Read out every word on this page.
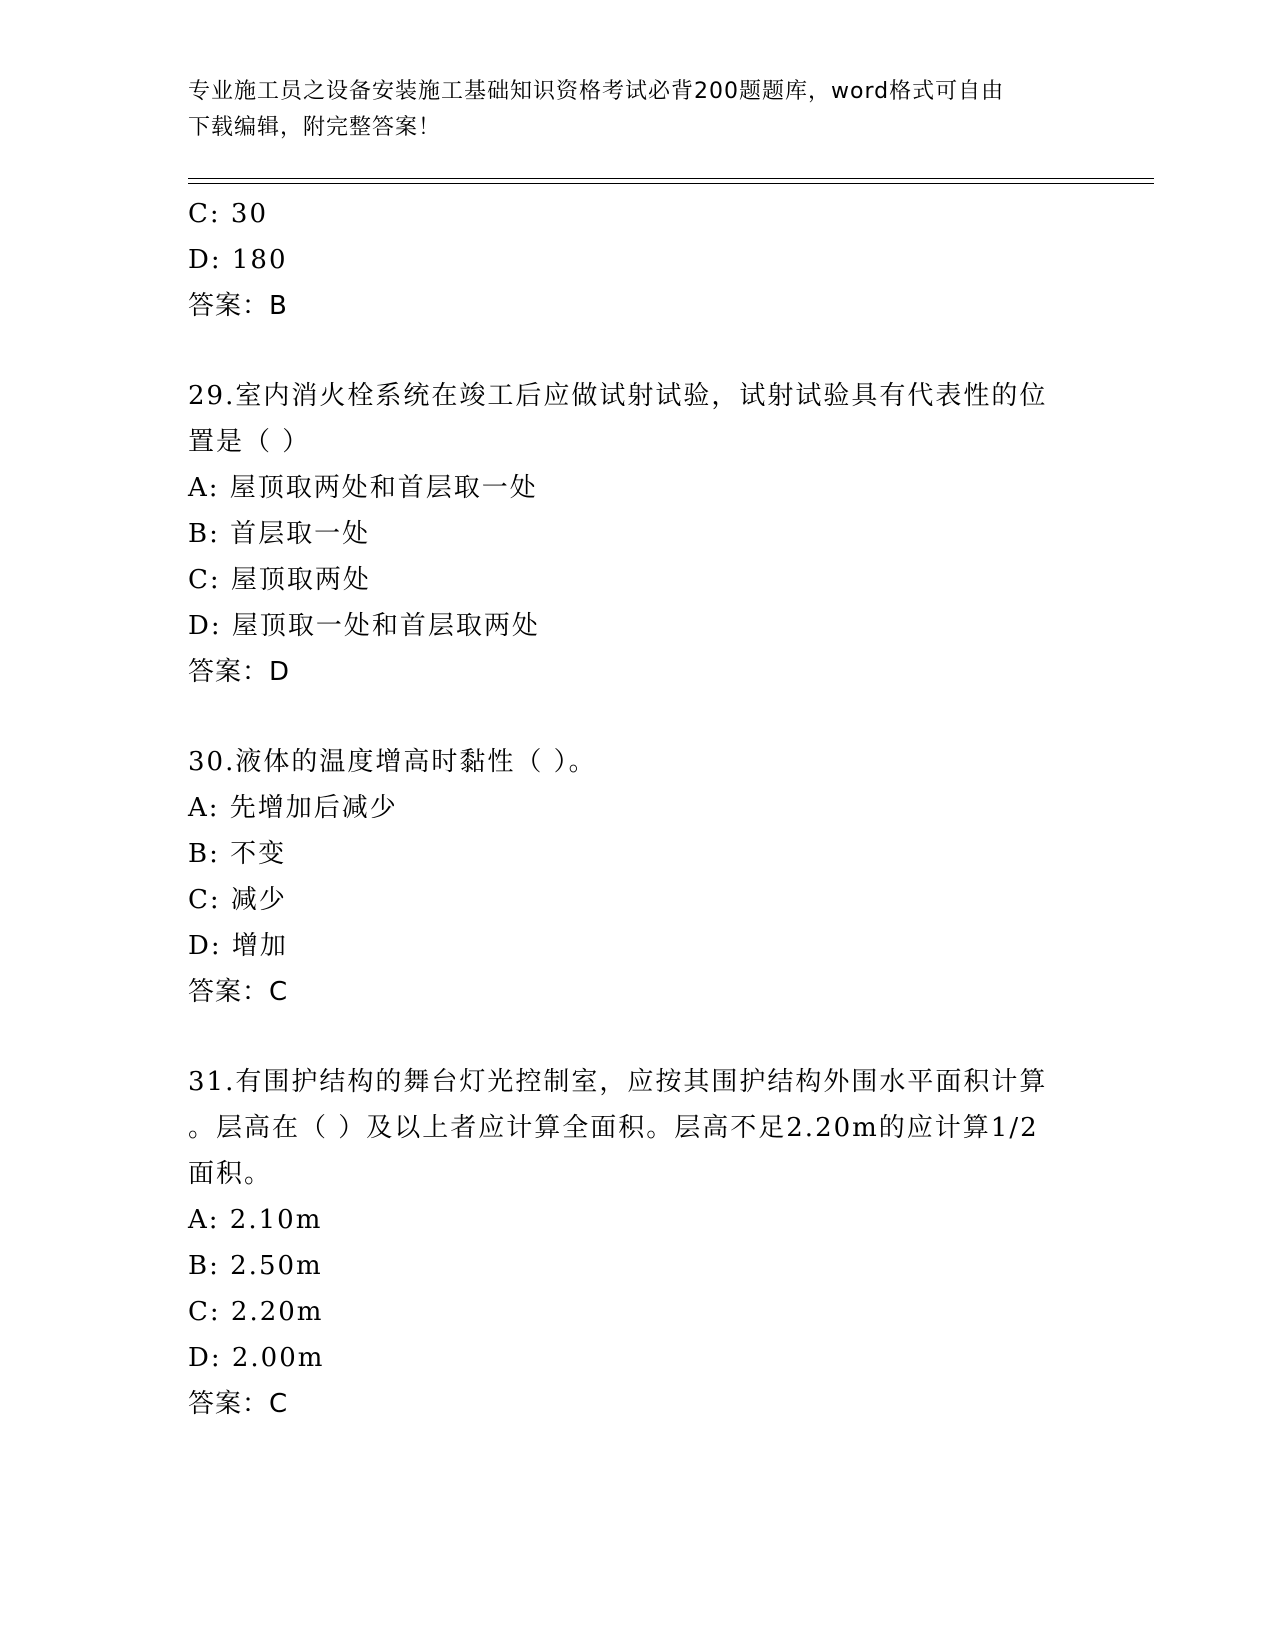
专业施工员之设备安装施工基础知识资格考试必背200题题库，word格式可自由
下载编辑，附完整答案！
C: 30
D: 180
答案：B
29.室内消火栓系统在竣工后应做试射试验，试射试验具有代表性的位
置是（ ）
A: 屋顶取两处和首层取一处
B: 首层取一处
C: 屋顶取两处
D: 屋顶取一处和首层取两处
答案：D
30.液体的温度增高时黏性（ ）。
A: 先增加后减少
B: 不变
C: 减少
D: 增加
答案：C
31.有围护结构的舞台灯光控制室，应按其围护结构外围水平面积计算
。层高在（ ）及以上者应计算全面积。层高不足2.20m的应计算1/2
面积。
A: 2.10m
B: 2.50m
C: 2.20m
D: 2.00m
答案：C
